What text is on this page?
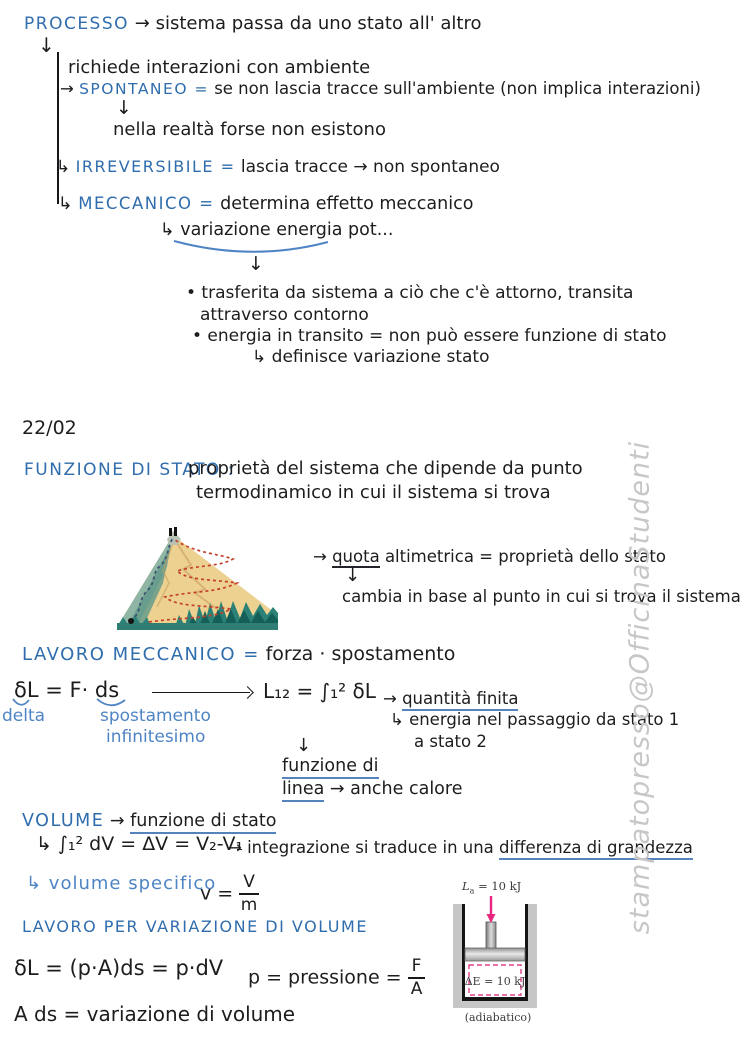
PROCESSO → sistema passa da uno stato all' altro
↓
richiede interazioni con ambiente
→ SPONTANEO = se non lascia tracce sull'ambiente (non implica interazioni)
↓
nella realtà forse non esistono
↳ IRREVERSIBILE = lascia tracce → non spontaneo
↳ MECCANICO = determina effetto meccanico
↳ variazione energia pot...
↓
• trasferita da sistema a ciò che c'è attorno, transita
attraverso contorno
• energia in transito = non può essere funzione di stato
↳ definisce variazione stato
22/02
FUNZIONE DI STATO :
proprietà del sistema che dipende da punto
termodinamico in cui il sistema si trova
→ quota altimetrica = proprietà dello stato
↓
cambia in base al punto in cui si trova il sistema
LAVORO MECCANICO = forza · spostamento
δL = F· ds
delta	spostamento
infinitesimo
L₁₂ = ∫₁² δL → quantità finita
↳ energia nel passaggio da stato 1
a stato 2
↓
funzione di
linea → anche calore
VOLUME → funzione di stato
↳ ∫₁² dV = ΔV = V₂-V₁
→ integrazione si traduce in una differenza di grandezza
↳ volume specifico
$v = \frac{V}{m}$
LAVORO PER VARIAZIONE DI VOLUME
δL = (p·A)ds = p·dV p = pressione = $\frac{F}{A}$
A ds = variazione di volume
$L_a = 10$ kJ
ΔE = 10 kJ
(adiabatico)
stampatopresso@OfficinaStudenti
